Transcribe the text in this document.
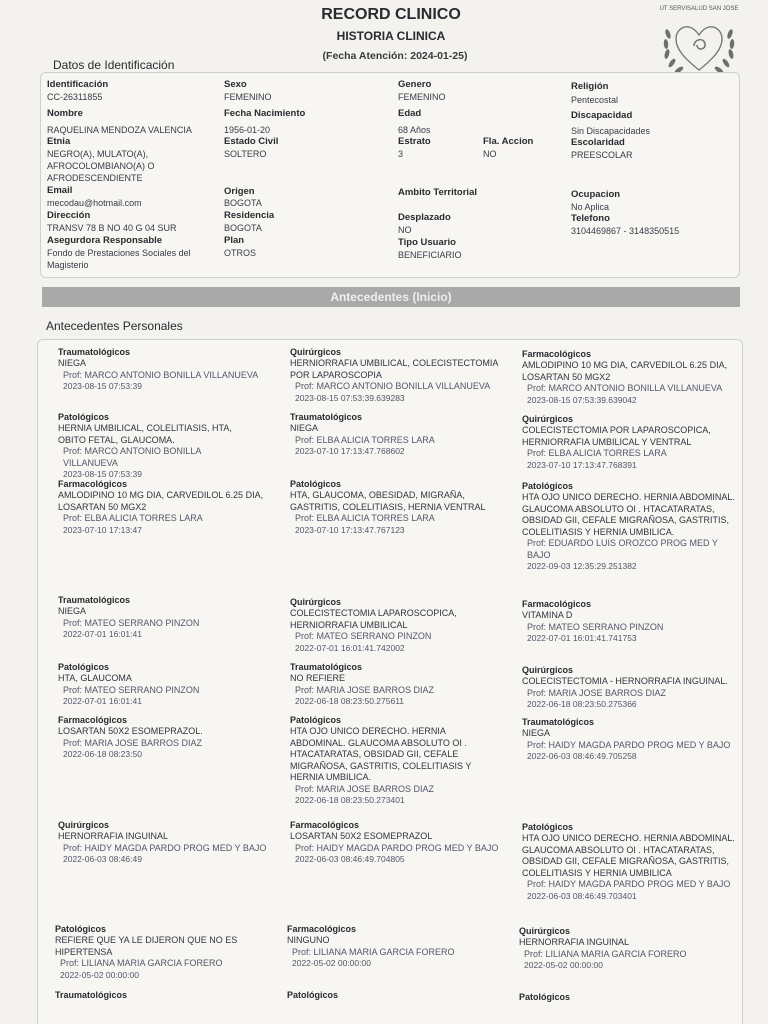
RECORD CLINICO
HISTORIA CLINICA
(Fecha Atención: 2024-01-25)
UT SERVISALUD SAN JOSE
Datos de Identificación
Identificación
CC-26311855
Sexo
FEMENINO
Genero
FEMENINO
Religión
Pentecostal
Nombre
RAQUELINA MENDOZA VALENCIA
Fecha Nacimiento
1956-01-20
Edad
68 Años
Discapacidad
Sin Discapacidades
Etnia
NEGRO(A), MULATO(A), AFROCOLOMBIANO(A) O AFRODESCENDIENTE
Estado Civil
SOLTERO
Estrato
3
Fla. Accion
NO
Escolaridad
PREESCOLAR
Email
mecodau@hotmail.com
Origen
BOGOTA
Ambito Territorial	Ocupacion
No Aplica
Dirección
TRANSV 78 B NO 40 G 04 SUR
Residencia
BOGOTA
Desplazado
NO
Telefono
3104469867 - 3148350515
Asegurdora Responsable
Fondo de Prestaciones Sociales del Magisterio
Plan
OTROS
Tipo Usuario
BENEFICIARIO
Antecedentes (Inicio)
Antecedentes Personales
Traumatológicos
NIEGA
Prof: MARCO ANTONIO BONILLA VILLANUEVA
2023-08-15 07:53:39
Quirúrgicos
HERNIORRAFIA UMBILICAL, COLECISTECTOMIA POR LAPAROSCOPIA
Prof: MARCO ANTONIO BONILLA VILLANUEVA
2023-08-15 07:53:39.639283
Farmacológicos
AMLODIPINO 10 MG DIA, CARVEDILOL 6.25 DIA, LOSARTAN 50 MGX2
Prof: MARCO ANTONIO BONILLA VILLANUEVA
2023-08-15 07:53:39.639042
Patológicos
HERNIA UMBILICAL, COLELITIASIS, HTA, OBITO FETAL, GLAUCOMA.
Prof: MARCO ANTONIO BONILLA VILLANUEVA
2023-08-15 07:53:39
Traumatológicos
NIEGA
Prof: ELBA ALICIA TORRES LARA
2023-07-10 17:13:47.768602
Quirúrgicos
COLECISTECTOMIA POR LAPAROSCOPICA, HERNIORRAFIA UMBILICAL Y VENTRAL
Prof: ELBA ALICIA TORRES LARA
2023-07-10 17:13:47.768391
Farmacológicos
AMLODIPINO 10 MG DIA, CARVEDILOL 6.25 DIA, LOSARTAN 50 MGX2
Prof: ELBA ALICIA TORRES LARA
2023-07-10 17:13:47
Patológicos
HTA, GLAUCOMA, OBESIDAD, MIGRAÑA, GASTRITIS, COLELITIASIS, HERNIA VENTRAL
Prof: ELBA ALICIA TORRES LARA
2023-07-10 17:13:47.767123
Patológicos
HTA OJO UNICO DERECHO. HERNIA ABDOMINAL. GLAUCOMA ABSOLUTO OI . HTACATARATAS, OBSIDAD GII, CEFALE MIGRAÑOSA, GASTRITIS, COLELITIASIS Y HERNIA UMBILICA.
Prof: EDUARDO LUIS OROZCO PROG MED Y BAJO
2022-09-03 12:35:29.251382
Traumatológicos
NIEGA
Prof: MATEO SERRANO PINZON
2022-07-01 16:01:41
Quirúrgicos
COLECISTECTOMIA LAPAROSCOPICA, HERNIORRAFIA UMBILICAL
Prof: MATEO SERRANO PINZON
2022-07-01 16:01:41.742002
Farmacológicos
VITAMINA D
Prof: MATEO SERRANO PINZON
2022-07-01 16:01:41.741753
Patológicos
HTA, GLAUCOMA
Prof: MATEO SERRANO PINZON
2022-07-01 16:01:41
Traumatológicos
NO REFIERE
Prof: MARIA JOSE BARROS DIAZ
2022-06-18 08:23:50.275611
Quirúrgicos
COLECISTECTOMIA - HERNORRAFIA INGUINAL.
Prof: MARIA JOSE BARROS DIAZ
2022-06-18 08:23:50.275366
Farmacológicos
LOSARTAN 50X2 ESOMEPRAZOL.
Prof: MARIA JOSE BARROS DIAZ
2022-06-18 08:23:50
Patológicos
HTA OJO UNICO DERECHO. HERNIA ABDOMINAL. GLAUCOMA ABSOLUTO OI . HTACATARATAS, OBSIDAD GII, CEFALE MIGRAÑOSA, GASTRITIS, COLELITIASIS Y HERNIA UMBILICA.
Prof: MARIA JOSE BARROS DIAZ
2022-06-18 08:23:50.273401
Traumatológicos
NIEGA
Prof: HAIDY MAGDA PARDO PROG MED Y BAJO
2022-06-03 08:46:49.705258
Quirúrgicos
HERNORRAFIA INGUINAL
Prof: HAIDY MAGDA PARDO PROG MED Y BAJO
2022-06-03 08:46:49
Farmacológicos
LOSARTAN 50X2 ESOMEPRAZOL
Prof: HAIDY MAGDA PARDO PROG MED Y BAJO
2022-06-03 08:46:49.704805
Patológicos
HTA OJO UNICO DERECHO. HERNIA ABDOMINAL. GLAUCOMA ABSOLUTO OI . HTACATARATAS, OBSIDAD GII, CEFALE MIGRAÑOSA, GASTRITIS, COLELITIASIS Y HERNIA UMBILICA
Prof: HAIDY MAGDA PARDO PROG MED Y BAJO
2022-06-03 08:46:49.703401
Patológicos
REFIERE QUE YA LE DIJERON QUE NO ES HIPERTENSA
Prof: LILIANA MARIA GARCIA FORERO
2022-05-02 00:00:00
Farmacológicos
NINGUNO
Prof: LILIANA MARIA GARCIA FORERO
2022-05-02 00:00:00
Quirúrgicos
HERNORRAFIA INGUINAL
Prof: LILIANA MARIA GARCIA FORERO
2022-05-02 00:00:00
Traumatológicos	Patológicos	Patológicos
